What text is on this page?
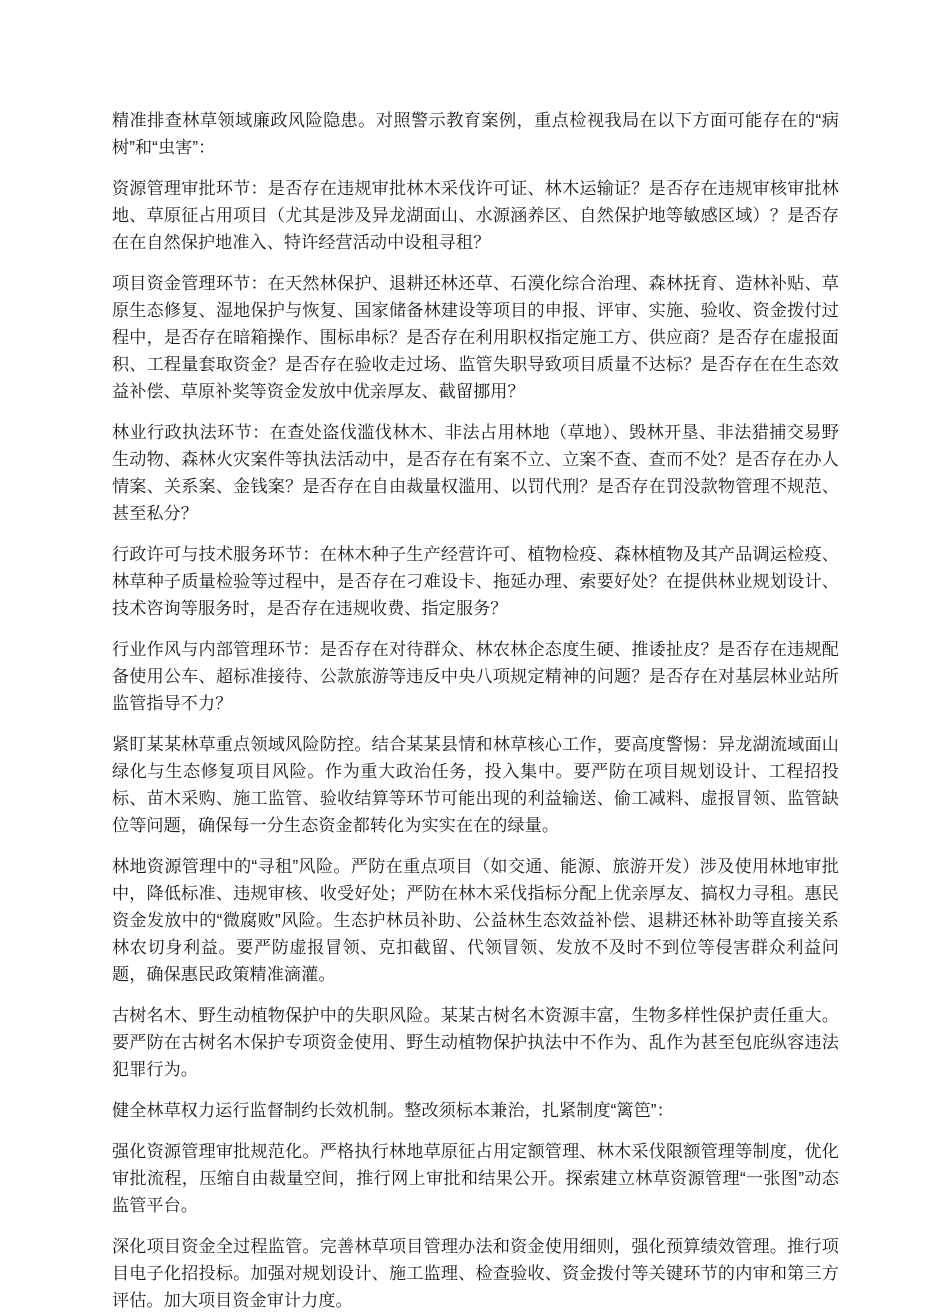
精准排查林草领域廉政风险隐患。对照警示教育案例，重点检视我局在以下方面可能存在的“病树”和“虫害”：

资源管理审批环节：是否存在违规审批林木采伐许可证、林木运输证？是否存在违规审核审批林地、草原征占用项目（尤其是涉及异龙湖面山、水源涵养区、自然保护地等敏感区域）？是否存在在自然保护地准入、特许经营活动中设租寻租？

项目资金管理环节：在天然林保护、退耕还林还草、石漠化综合治理、森林抚育、造林补贴、草原生态修复、湿地保护与恢复、国家储备林建设等项目的申报、评审、实施、验收、资金拨付过程中，是否存在暗箱操作、围标串标？是否存在利用职权指定施工方、供应商？是否存在虚报面积、工程量套取资金？是否存在验收走过场、监管失职导致项目质量不达标？是否存在在生态效益补偿、草原补奖等资金发放中优亲厚友、截留挪用？

林业行政执法环节：在查处盗伐滥伐林木、非法占用林地（草地）、毁林开垦、非法猎捕交易野生动物、森林火灾案件等执法活动中，是否存在有案不立、立案不查、查而不处？是否存在办人情案、关系案、金钱案？是否存在自由裁量权滥用、以罚代刑？是否存在罚没款物管理不规范、甚至私分？

行政许可与技术服务环节：在林木种子生产经营许可、植物检疫、森林植物及其产品调运检疫、林草种子质量检验等过程中，是否存在刁难设卡、拖延办理、索要好处？在提供林业规划设计、技术咨询等服务时，是否存在违规收费、指定服务？

行业作风与内部管理环节：是否存在对待群众、林农林企态度生硬、推诿扯皮？是否存在违规配备使用公车、超标准接待、公款旅游等违反中央八项规定精神的问题？是否存在对基层林业站所监管指导不力？

紧盯某某林草重点领域风险防控。结合某某县情和林草核心工作，要高度警惕：异龙湖流域面山绿化与生态修复项目风险。作为重大政治任务，投入集中。要严防在项目规划设计、工程招投标、苗木采购、施工监管、验收结算等环节可能出现的利益输送、偷工减料、虚报冒领、监管缺位等问题，确保每一分生态资金都转化为实实在在的绿量。

林地资源管理中的“寻租”风险。严防在重点项目（如交通、能源、旅游开发）涉及使用林地审批中，降低标准、违规审核、收受好处；严防在林木采伐指标分配上优亲厚友、搞权力寻租。惠民资金发放中的“微腐败”风险。生态护林员补助、公益林生态效益补偿、退耕还林补助等直接关系林农切身利益。要严防虚报冒领、克扣截留、代领冒领、发放不及时不到位等侵害群众利益问题，确保惠民政策精准滴灌。

古树名木、野生动植物保护中的失职风险。某某古树名木资源丰富，生物多样性保护责任重大。要严防在古树名木保护专项资金使用、野生动植物保护执法中不作为、乱作为甚至包庇纵容违法犯罪行为。

健全林草权力运行监督制约长效机制。整改须标本兼治，扎紧制度“篱笆”：

强化资源管理审批规范化。严格执行林地草原征占用定额管理、林木采伐限额管理等制度，优化审批流程，压缩自由裁量空间，推行网上审批和结果公开。探索建立林草资源管理“一张图”动态监管平台。

深化项目资金全过程监管。完善林草项目管理办法和资金使用细则，强化预算绩效管理。推行项目电子化招投标。加强对规划设计、施工监理、检查验收、资金拨付等关键环节的内审和第三方评估。加大项目资金审计力度。
